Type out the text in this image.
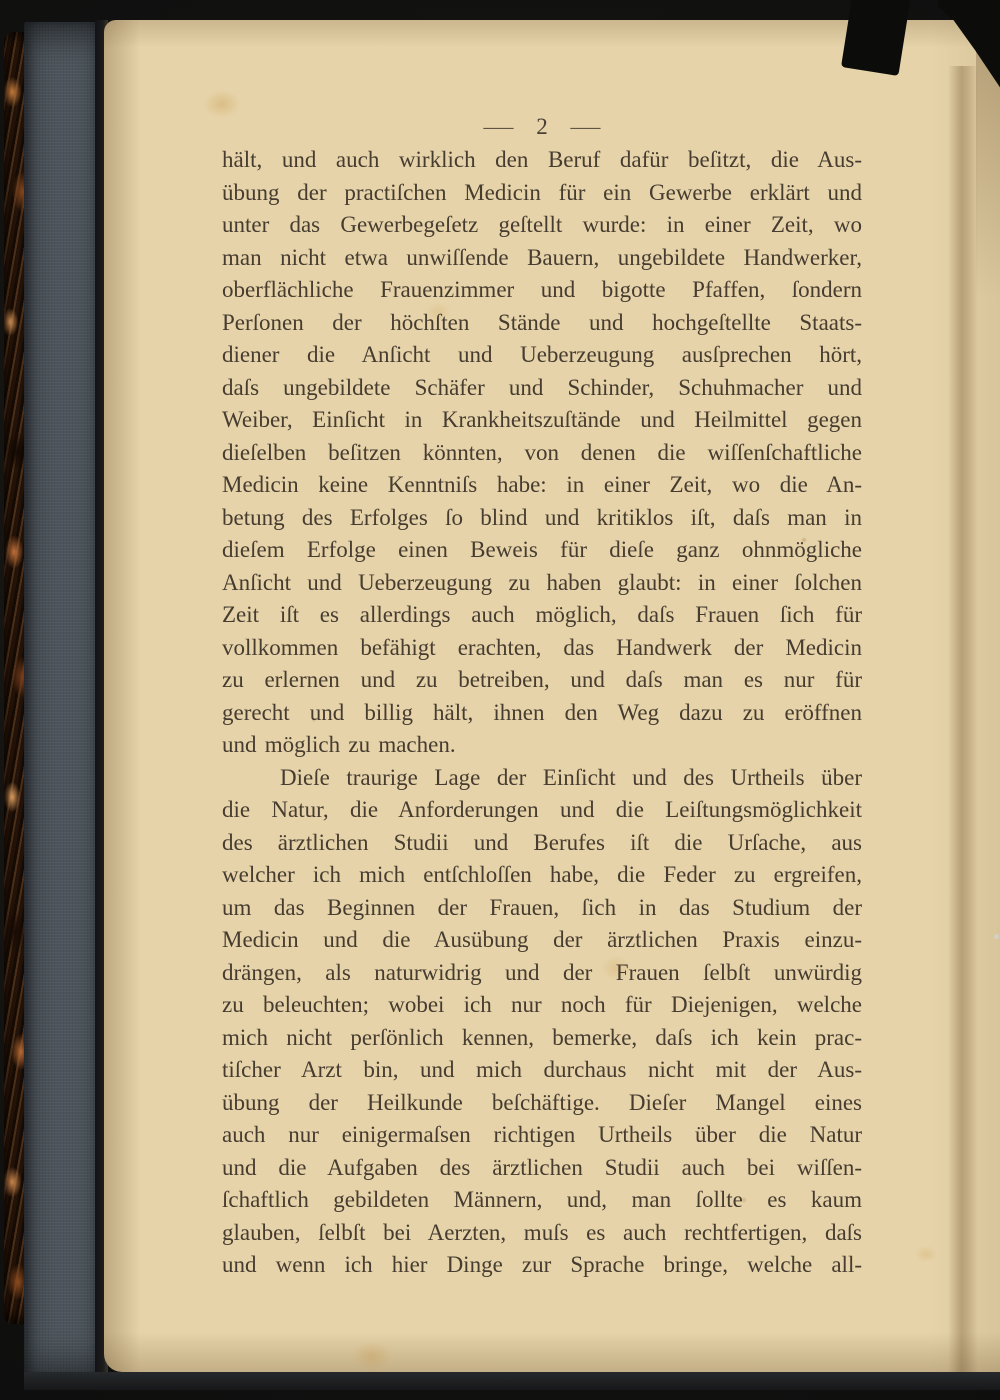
— 2 —
hält, und auch wirklich den Beruf dafür beſitzt, die Aus-
übung der practiſchen Medicin für ein Gewerbe erklärt und
unter das Gewerbegeſetz geſtellt wurde: in einer Zeit, wo
man nicht etwa unwiſſende Bauern, ungebildete Handwerker,
oberflächliche Frauenzimmer und bigotte Pfaffen, ſondern
Perſonen der höchſten Stände und hochgeſtellte Staats-
diener die Anſicht und Ueberzeugung ausſprechen hört,
daſs ungebildete Schäfer und Schinder, Schuhmacher und
Weiber, Einſicht in Krankheitszuſtände und Heilmittel gegen
dieſelben beſitzen könnten, von denen die wiſſenſchaftliche
Medicin keine Kenntniſs habe: in einer Zeit, wo die An-
betung des Erfolges ſo blind und kritiklos iſt, daſs man in
dieſem Erfolge einen Beweis für dieſe ganz ohnmögliche
Anſicht und Ueberzeugung zu haben glaubt: in einer ſolchen
Zeit iſt es allerdings auch möglich, daſs Frauen ſich für
vollkommen befähigt erachten, das Handwerk der Medicin
zu erlernen und zu betreiben, und daſs man es nur für
gerecht und billig hält, ihnen den Weg dazu zu eröffnen
und möglich zu machen.
Dieſe traurige Lage der Einſicht und des Urtheils über
die Natur, die Anforderungen und die Leiſtungsmöglichkeit
des ärztlichen Studii und Berufes iſt die Urſache, aus
welcher ich mich entſchloſſen habe, die Feder zu ergreifen,
um das Beginnen der Frauen, ſich in das Studium der
Medicin und die Ausübung der ärztlichen Praxis einzu-
drängen, als naturwidrig und der Frauen ſelbſt unwürdig
zu beleuchten; wobei ich nur noch für Diejenigen, welche
mich nicht perſönlich kennen, bemerke, daſs ich kein prac-
tiſcher Arzt bin, und mich durchaus nicht mit der Aus-
übung der Heilkunde beſchäftige. Dieſer Mangel eines
auch nur einigermaſsen richtigen Urtheils über die Natur
und die Aufgaben des ärztlichen Studii auch bei wiſſen-
ſchaftlich gebildeten Männern, und, man ſollte es kaum
glauben, ſelbſt bei Aerzten, muſs es auch rechtfertigen, daſs
und wenn ich hier Dinge zur Sprache bringe, welche all-
